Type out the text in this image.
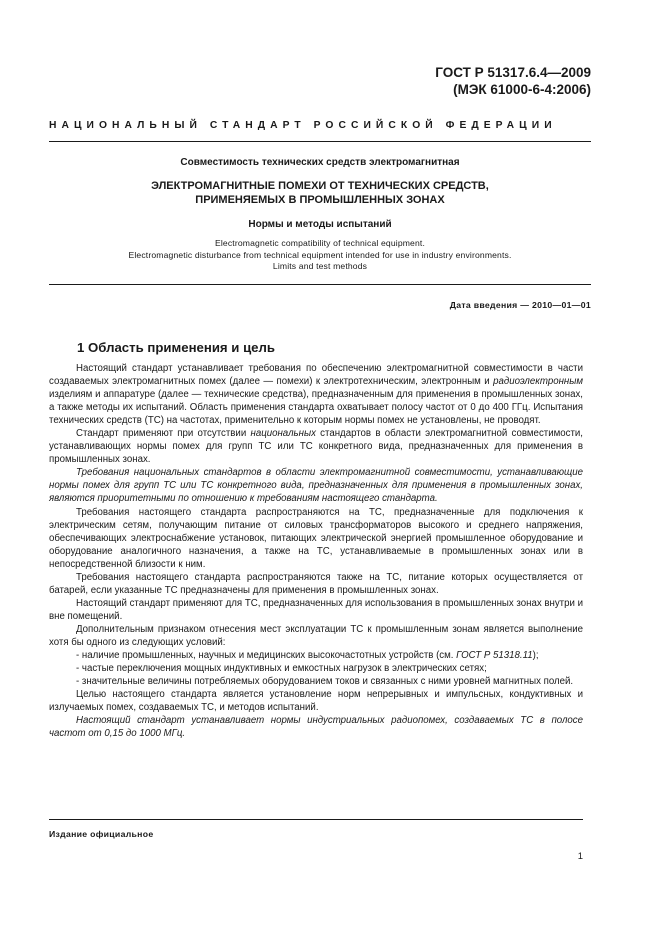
ГОСТ Р 51317.6.4—2009
(МЭК 61000-6-4:2006)
НАЦИОНАЛЬНЫЙ СТАНДАРТ РОССИЙСКОЙ ФЕДЕРАЦИИ
Совместимость технических средств электромагнитная
ЭЛЕКТРОМАГНИТНЫЕ ПОМЕХИ ОТ ТЕХНИЧЕСКИХ СРЕДСТВ,
ПРИМЕНЯЕМЫХ В ПРОМЫШЛЕННЫХ ЗОНАХ
Нормы и методы испытаний
Electromagnetic compatibility of technical equipment.
Electromagnetic disturbance from technical equipment intended for use in industry environments.
Limits and test methods
Дата введения — 2010—01—01
1 Область применения и цель

Настоящий стандарт устанавливает требования по обеспечению электромагнитной совместимости в части создаваемых электромагнитных помех (далее — помехи) к электротехническим, электронным и радиоэлектронным изделиям и аппаратуре (далее — технические средства), предназначенным для применения в промышленных зонах, а также методы их испытаний. Область применения стандарта охватывает полосу частот от 0 до 400 ГГц. Испытания технических средств (ТС) на частотах, применительно к которым нормы помех не установлены, не проводят.

Стандарт применяют при отсутствии национальных стандартов в области электромагнитной совместимости, устанавливающих нормы помех для групп ТС или ТС конкретного вида, предназначенных для применения в промышленных зонах.

Требования национальных стандартов в области электромагнитной совместимости, устанавливающие нормы помех для групп ТС или ТС конкретного вида, предназначенных для применения в промышленных зонах, являются приоритетными по отношению к требованиям настоящего стандарта.

Требования настоящего стандарта распространяются на ТС, предназначенные для подключения к электрическим сетям, получающим питание от силовых трансформаторов высокого и среднего напряжения, обеспечивающих электроснабжение установок, питающих электрической энергией промышленное оборудование и оборудование аналогичного назначения, а также на ТС, устанавливаемые в промышленных зонах или в непосредственной близости к ним.

Требования настоящего стандарта распространяются также на ТС, питание которых осуществляется от батарей, если указанные ТС предназначены для применения в промышленных зонах.

Настоящий стандарт применяют для ТС, предназначенных для использования в промышленных зонах внутри и вне помещений.

Дополнительным признаком отнесения мест эксплуатации ТС к промышленным зонам является выполнение хотя бы одного из следующих условий:

- наличие промышленных, научных и медицинских высокочастотных устройств (см. ГОСТ Р 51318.11);

- частые переключения мощных индуктивных и емкостных нагрузок в электрических сетях;

- значительные величины потребляемых оборудованием токов и связанных с ними уровней магнитных полей.

Целью настоящего стандарта является установление норм непрерывных и импульсных, кондуктивных и излучаемых помех, создаваемых ТС, и методов испытаний.

Настоящий стандарт устанавливает нормы индустриальных радиопомех, создаваемых ТС в полосе частот от 0,15 до 1000 МГц.

Издание официальное
1
